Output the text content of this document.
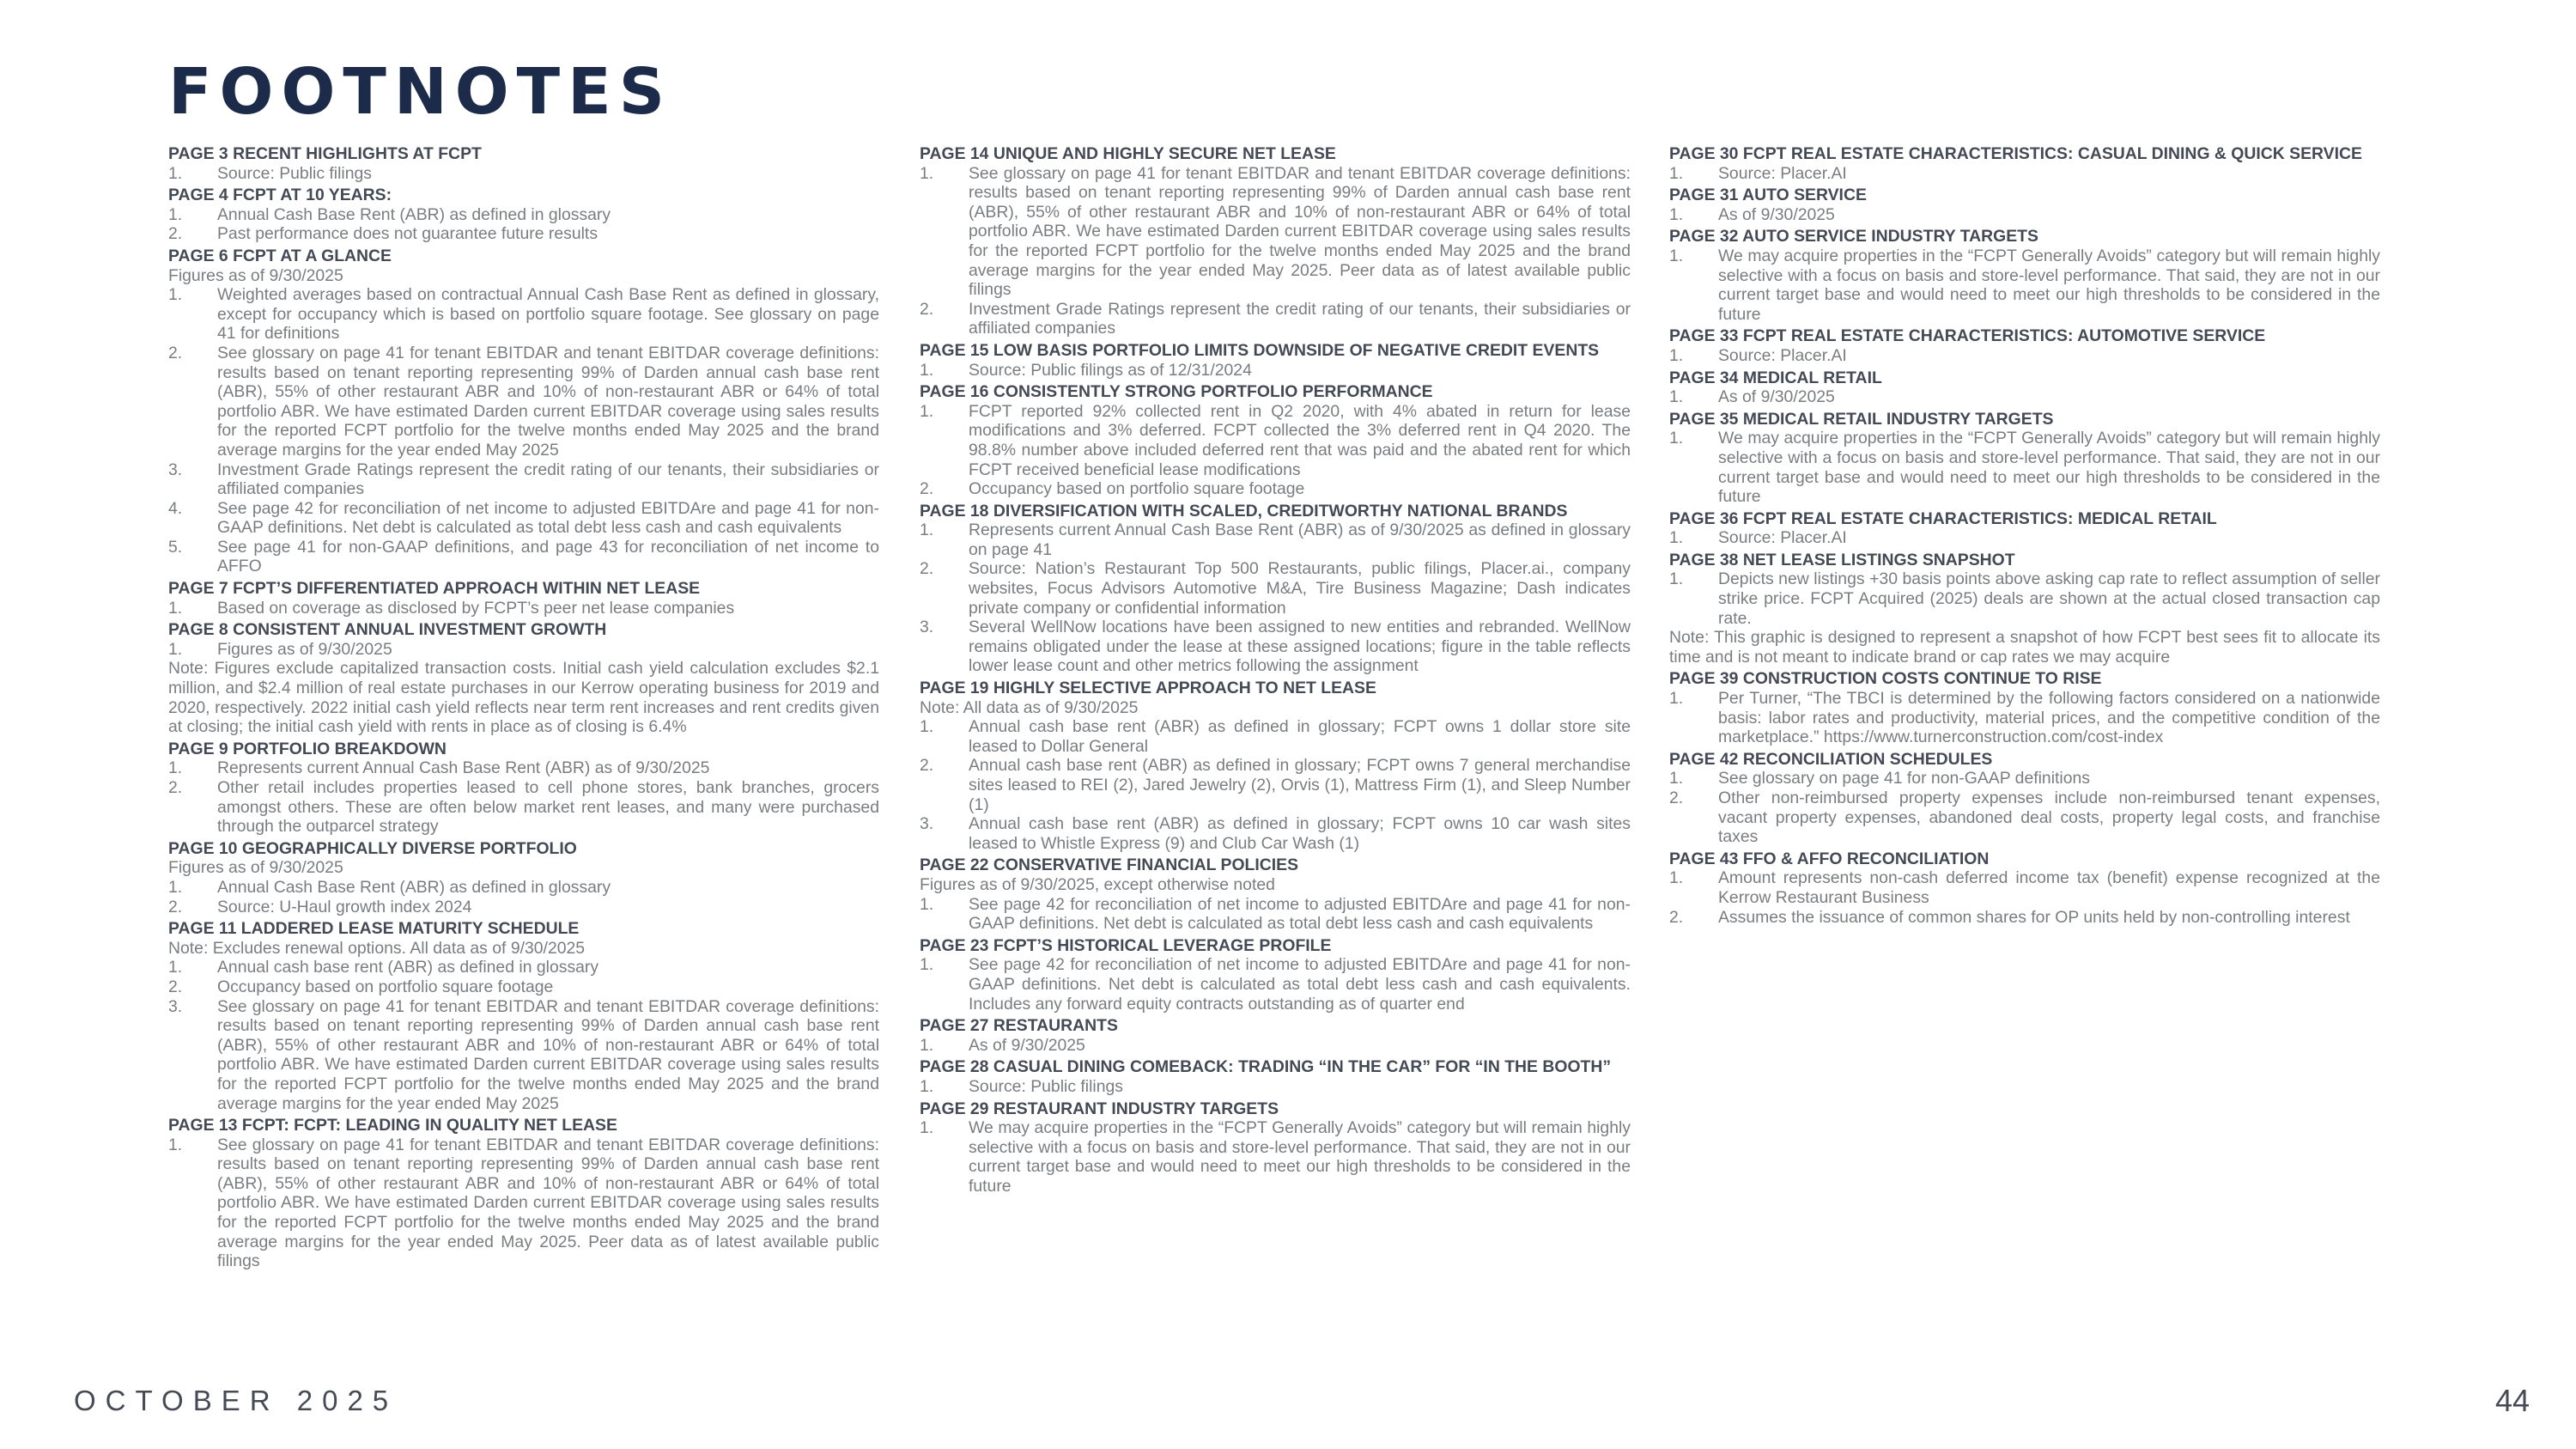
FOOTNOTES
PAGE 3 RECENT HIGHLIGHTS AT FCPT
1. Source: Public filings
PAGE 4 FCPT AT 10 YEARS:
1. Annual Cash Base Rent (ABR) as defined in glossary
2. Past performance does not guarantee future results
PAGE 6 FCPT AT A GLANCE
Figures as of 9/30/2025
1. Weighted averages based on contractual Annual Cash Base Rent as defined in glossary, except for occupancy which is based on portfolio square footage. See glossary on page 41 for definitions
2. See glossary on page 41 for tenant EBITDAR and tenant EBITDAR coverage definitions: results based on tenant reporting representing 99% of Darden annual cash base rent (ABR), 55% of other restaurant ABR and 10% of non-restaurant ABR or 64% of total portfolio ABR. We have estimated Darden current EBITDAR coverage using sales results for the reported FCPT portfolio for the twelve months ended May 2025 and the brand average margins for the year ended May 2025
3. Investment Grade Ratings represent the credit rating of our tenants, their subsidiaries or affiliated companies
4. See page 42 for reconciliation of net income to adjusted EBITDAre and page 41 for non-GAAP definitions. Net debt is calculated as total debt less cash and cash equivalents
5. See page 41 for non-GAAP definitions, and page 43 for reconciliation of net income to AFFO
PAGE 7 FCPT’S DIFFERENTIATED APPROACH WITHIN NET LEASE
1. Based on coverage as disclosed by FCPT’s peer net lease companies
PAGE 8 CONSISTENT ANNUAL INVESTMENT GROWTH
1. Figures as of 9/30/2025
Note: Figures exclude capitalized transaction costs. Initial cash yield calculation excludes $2.1 million, and $2.4 million of real estate purchases in our Kerrow operating business for 2019 and 2020, respectively. 2022 initial cash yield reflects near term rent increases and rent credits given at closing; the initial cash yield with rents in place as of closing is 6.4%
PAGE 9 PORTFOLIO BREAKDOWN
1. Represents current Annual Cash Base Rent (ABR) as of 9/30/2025
2. Other retail includes properties leased to cell phone stores, bank branches, grocers amongst others. These are often below market rent leases, and many were purchased through the outparcel strategy
PAGE 10 GEOGRAPHICALLY DIVERSE PORTFOLIO
Figures as of 9/30/2025
1. Annual Cash Base Rent (ABR) as defined in glossary
2. Source: U-Haul growth index 2024
PAGE 11 LADDERED LEASE MATURITY SCHEDULE
Note: Excludes renewal options. All data as of 9/30/2025
1. Annual cash base rent (ABR) as defined in glossary
2. Occupancy based on portfolio square footage
3. See glossary on page 41 for tenant EBITDAR and tenant EBITDAR coverage definitions: results based on tenant reporting representing 99% of Darden annual cash base rent (ABR), 55% of other restaurant ABR and 10% of non-restaurant ABR or 64% of total portfolio ABR. We have estimated Darden current EBITDAR coverage using sales results for the reported FCPT portfolio for the twelve months ended May 2025 and the brand average margins for the year ended May 2025
PAGE 13 FCPT: FCPT: LEADING IN QUALITY NET LEASE
1. See glossary on page 41 for tenant EBITDAR and tenant EBITDAR coverage definitions: results based on tenant reporting representing 99% of Darden annual cash base rent (ABR), 55% of other restaurant ABR and 10% of non-restaurant ABR or 64% of total portfolio ABR. We have estimated Darden current EBITDAR coverage using sales results for the reported FCPT portfolio for the twelve months ended May 2025 and the brand average margins for the year ended May 2025. Peer data as of latest available public filings
PAGE 14 UNIQUE AND HIGHLY SECURE NET LEASE
1. See glossary on page 41 for tenant EBITDAR and tenant EBITDAR coverage definitions: results based on tenant reporting representing 99% of Darden annual cash base rent (ABR), 55% of other restaurant ABR and 10% of non-restaurant ABR or 64% of total portfolio ABR. We have estimated Darden current EBITDAR coverage using sales results for the reported FCPT portfolio for the twelve months ended May 2025 and the brand average margins for the year ended May 2025. Peer data as of latest available public filings
2. Investment Grade Ratings represent the credit rating of our tenants, their subsidiaries or affiliated companies
PAGE 15 LOW BASIS PORTFOLIO LIMITS DOWNSIDE OF NEGATIVE CREDIT EVENTS
1. Source: Public filings as of 12/31/2024
PAGE 16 CONSISTENTLY STRONG PORTFOLIO PERFORMANCE
1. FCPT reported 92% collected rent in Q2 2020, with 4% abated in return for lease modifications and 3% deferred. FCPT collected the 3% deferred rent in Q4 2020. The 98.8% number above included deferred rent that was paid and the abated rent for which FCPT received beneficial lease modifications
2. Occupancy based on portfolio square footage
PAGE 18 DIVERSIFICATION WITH SCALED, CREDITWORTHY NATIONAL BRANDS
1. Represents current Annual Cash Base Rent (ABR) as of 9/30/2025 as defined in glossary on page 41
2. Source: Nation’s Restaurant Top 500 Restaurants, public filings, Placer.ai., company websites, Focus Advisors Automotive M&A, Tire Business Magazine; Dash indicates private company or confidential information
3. Several WellNow locations have been assigned to new entities and rebranded. WellNow remains obligated under the lease at these assigned locations; figure in the table reflects lower lease count and other metrics following the assignment
PAGE 19 HIGHLY SELECTIVE APPROACH TO NET LEASE
Note: All data as of 9/30/2025
1. Annual cash base rent (ABR) as defined in glossary; FCPT owns 1 dollar store site leased to Dollar General
2. Annual cash base rent (ABR) as defined in glossary; FCPT owns 7 general merchandise sites leased to REI (2), Jared Jewelry (2), Orvis (1), Mattress Firm (1), and Sleep Number (1)
3. Annual cash base rent (ABR) as defined in glossary; FCPT owns 10 car wash sites leased to Whistle Express (9) and Club Car Wash (1)
PAGE 22 CONSERVATIVE FINANCIAL POLICIES
Figures as of 9/30/2025, except otherwise noted
1. See page 42 for reconciliation of net income to adjusted EBITDAre and page 41 for non-GAAP definitions. Net debt is calculated as total debt less cash and cash equivalents
PAGE 23 FCPT’S HISTORICAL LEVERAGE PROFILE
1. See page 42 for reconciliation of net income to adjusted EBITDAre and page 41 for non-GAAP definitions. Net debt is calculated as total debt less cash and cash equivalents. Includes any forward equity contracts outstanding as of quarter end
PAGE 27 RESTAURANTS
1. As of 9/30/2025
PAGE 28 CASUAL DINING COMEBACK: TRADING “IN THE CAR” FOR “IN THE BOOTH”
1. Source: Public filings
PAGE 29 RESTAURANT INDUSTRY TARGETS
1. We may acquire properties in the “FCPT Generally Avoids” category but will remain highly selective with a focus on basis and store-level performance. That said, they are not in our current target base and would need to meet our high thresholds to be considered in the future
PAGE 30 FCPT REAL ESTATE CHARACTERISTICS: CASUAL DINING & QUICK SERVICE
1. Source: Placer.AI
PAGE 31 AUTO SERVICE
1. As of 9/30/2025
PAGE 32 AUTO SERVICE INDUSTRY TARGETS
1. We may acquire properties in the “FCPT Generally Avoids” category but will remain highly selective with a focus on basis and store-level performance. That said, they are not in our current target base and would need to meet our high thresholds to be considered in the future
PAGE 33 FCPT REAL ESTATE CHARACTERISTICS: AUTOMOTIVE SERVICE
1. Source: Placer.AI
PAGE 34 MEDICAL RETAIL
1. As of 9/30/2025
PAGE 35 MEDICAL RETAIL INDUSTRY TARGETS
1. We may acquire properties in the “FCPT Generally Avoids” category but will remain highly selective with a focus on basis and store-level performance. That said, they are not in our current target base and would need to meet our high thresholds to be considered in the future
PAGE 36 FCPT REAL ESTATE CHARACTERISTICS: MEDICAL RETAIL
1. Source: Placer.AI
PAGE 38 NET LEASE LISTINGS SNAPSHOT
1. Depicts new listings +30 basis points above asking cap rate to reflect assumption of seller strike price. FCPT Acquired (2025) deals are shown at the actual closed transaction cap rate.
Note: This graphic is designed to represent a snapshot of how FCPT best sees fit to allocate its time and is not meant to indicate brand or cap rates we may acquire
PAGE 39 CONSTRUCTION COSTS CONTINUE TO RISE
1. Per Turner, “The TBCI is determined by the following factors considered on a nationwide basis: labor rates and productivity, material prices, and the competitive condition of the marketplace.” https://www.turnerconstruction.com/cost-index
PAGE 42 RECONCILIATION SCHEDULES
1. See glossary on page 41 for non-GAAP definitions
2. Other non-reimbursed property expenses include non-reimbursed tenant expenses, vacant property expenses, abandoned deal costs, property legal costs, and franchise taxes
PAGE 43 FFO & AFFO RECONCILIATION
1. Amount represents non-cash deferred income tax (benefit) expense recognized at the Kerrow Restaurant Business
2. Assumes the issuance of common shares for OP units held by non-controlling interest
OCTOBER 2025	44
